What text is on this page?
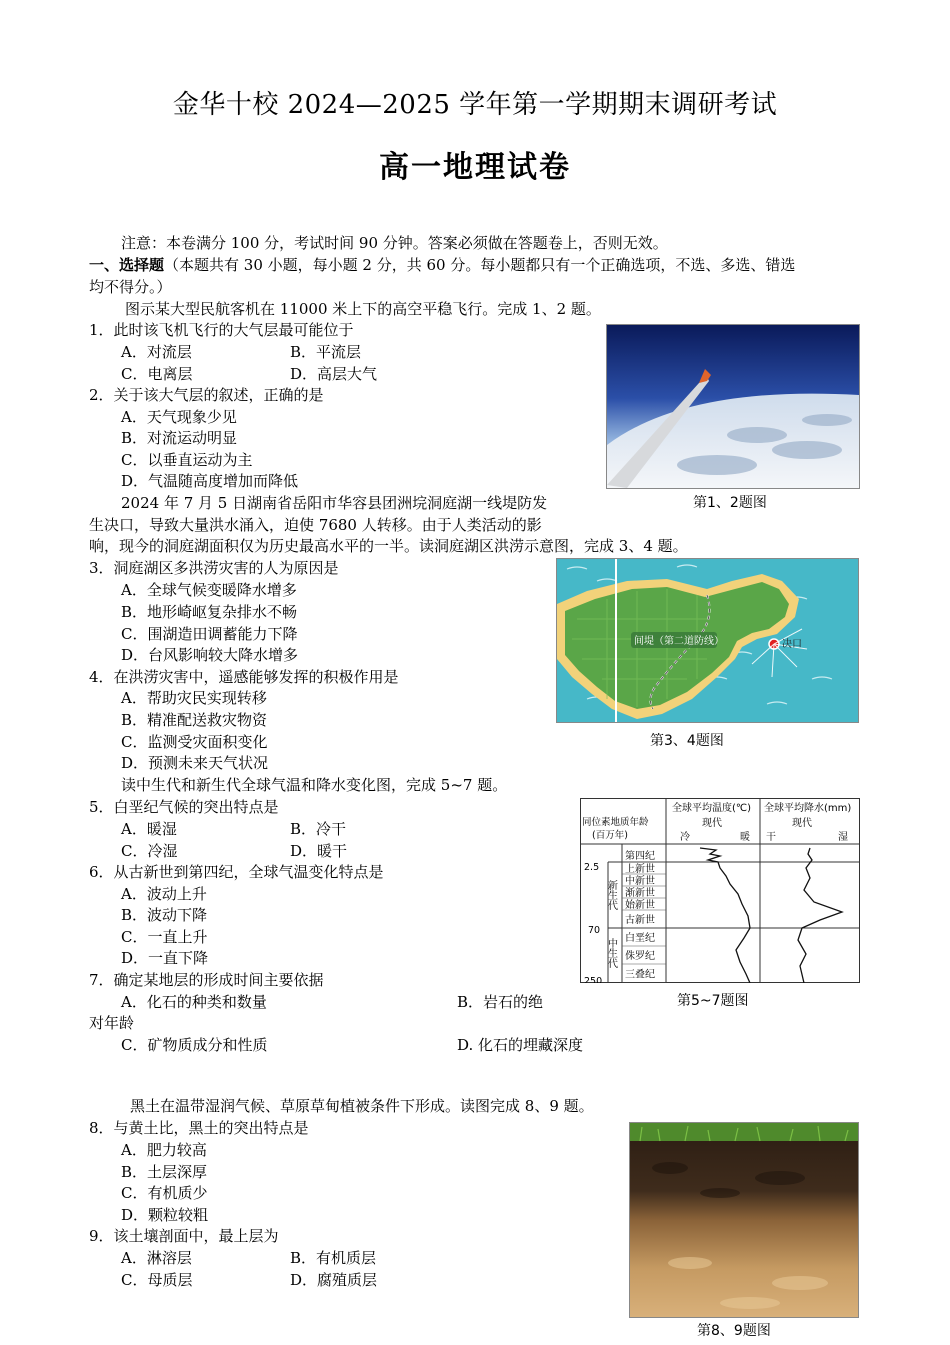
金华十校 2024—2025 学年第一学期期末调研考试
高一地理试卷
注意：本卷满分 100 分，考试时间 90 分钟。答案必须做在答题卷上，否则无效。
一、选择题（本题共有 30 小题，每小题 2 分，共 60 分。每小题都只有一个正确选项，不选、多选、错选
均不得分。）
图示某大型民航客机在 11000 米上下的高空平稳飞行。完成 1、2 题。
1．此时该飞机飞行的大气层最可能位于
A．对流层	B．平流层
C．电离层	D．高层大气
2．关于该大气层的叙述，正确的是
A．天气现象少见
B．对流运动明显
C．以垂直运动为主
D．气温随高度增加而降低
第1、2题图
2024 年 7 月 5 日湖南省岳阳市华容县团洲垸洞庭湖一线堤防发
生决口，导致大量洪水涌入，迫使 7680 人转移。由于人类活动的影
响，现今的洞庭湖面积仅为历史最高水平的一半。读洞庭湖区洪涝示意图，完成 3、4 题。
3．洞庭湖区多洪涝灾害的人为原因是
A．全球气候变暖降水增多
B．地形崎岖复杂排水不畅
C．围湖造田调蓄能力下降
D．台风影响较大降水增多
4．在洪涝灾害中，遥感能够发挥的积极作用是
A．帮助灾民实现转移
B．精准配送救灾物资
C．监测受灾面积变化
D．预测未来天气状况
间堤（第二道防线）	决口
第3、4题图
读中生代和新生代全球气温和降水变化图，完成 5~7 题。
5．白垩纪气候的突出特点是
A．暖湿	B．冷干
C．冷湿	D．暖干
6．从古新世到第四纪，全球气温变化特点是
A．波动上升
B．波动下降
C．一直上升
D．一直下降
7．确定某地层的形成时间主要依据
A．化石的种类和数量	B．岩石的绝
对年龄
C．矿物质成分和性质	D. 化石的埋藏深度
全球平均温度(℃) 全球平均降水(mm)
现代	现代
冷	暖 干	湿
同位素地质年龄
(百万年)
2.5
70
250
新生代
中生代
第四纪
上新世
中新世
渐新世
始新世
古新世
白垩纪
侏罗纪
三叠纪
第5~7题图
黑土在温带湿润气候、草原草甸植被条件下形成。读图完成 8、9 题。
8．与黄土比，黑土的突出特点是
A．肥力较高
B．土层深厚
C．有机质少
D．颗粒较粗
9．该土壤剖面中，最上层为
A．淋溶层	B．有机质层
C．母质层	D．腐殖质层
第8、9题图
